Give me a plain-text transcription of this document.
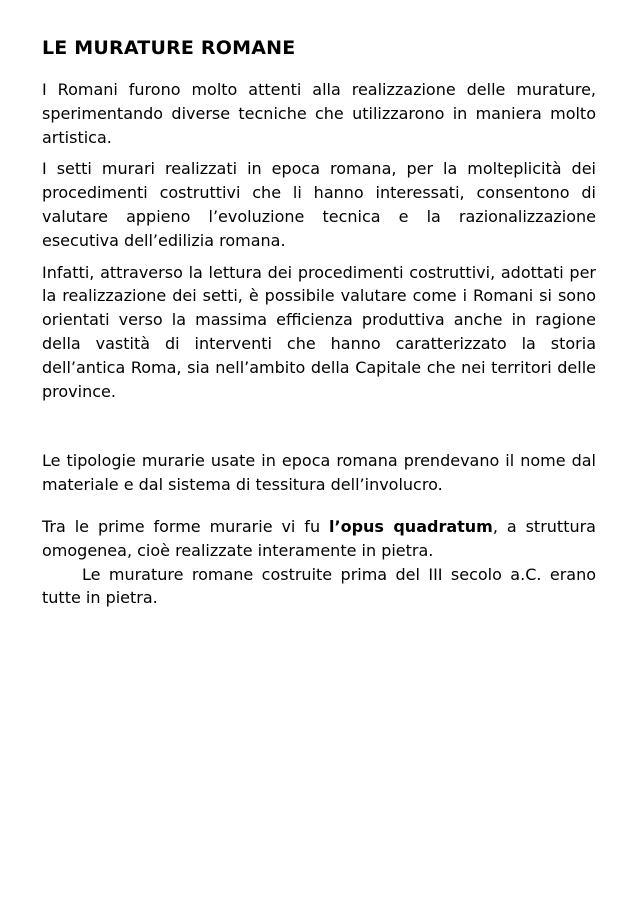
LE MURATURE ROMANE

I Romani furono molto attenti alla realizzazione delle murature, sperimentando diverse tecniche che utilizzarono in maniera molto artistica.

I setti murari realizzati in epoca romana, per la molteplicità dei procedimenti costruttivi che li hanno interessati, consentono di valutare appieno l’evoluzione tecnica e la razionalizzazione esecutiva dell’edilizia romana.

Infatti, attraverso la lettura dei procedimenti costruttivi, adottati per la realizzazione dei setti, è possibile valutare come i Romani si sono orientati verso la massima efficienza produttiva anche in ragione della vastità di interventi che hanno caratterizzato la storia dell’antica Roma, sia nell’ambito della Capitale che nei territori delle province.

Le tipologie murarie usate in epoca romana prendevano il nome dal materiale e dal sistema di tessitura dell’involucro.

Tra le prime forme murarie vi fu l’opus quadratum, a struttura omogenea, cioè realizzate interamente in pietra.

Le murature romane costruite prima del III secolo a.C. erano tutte in pietra.
